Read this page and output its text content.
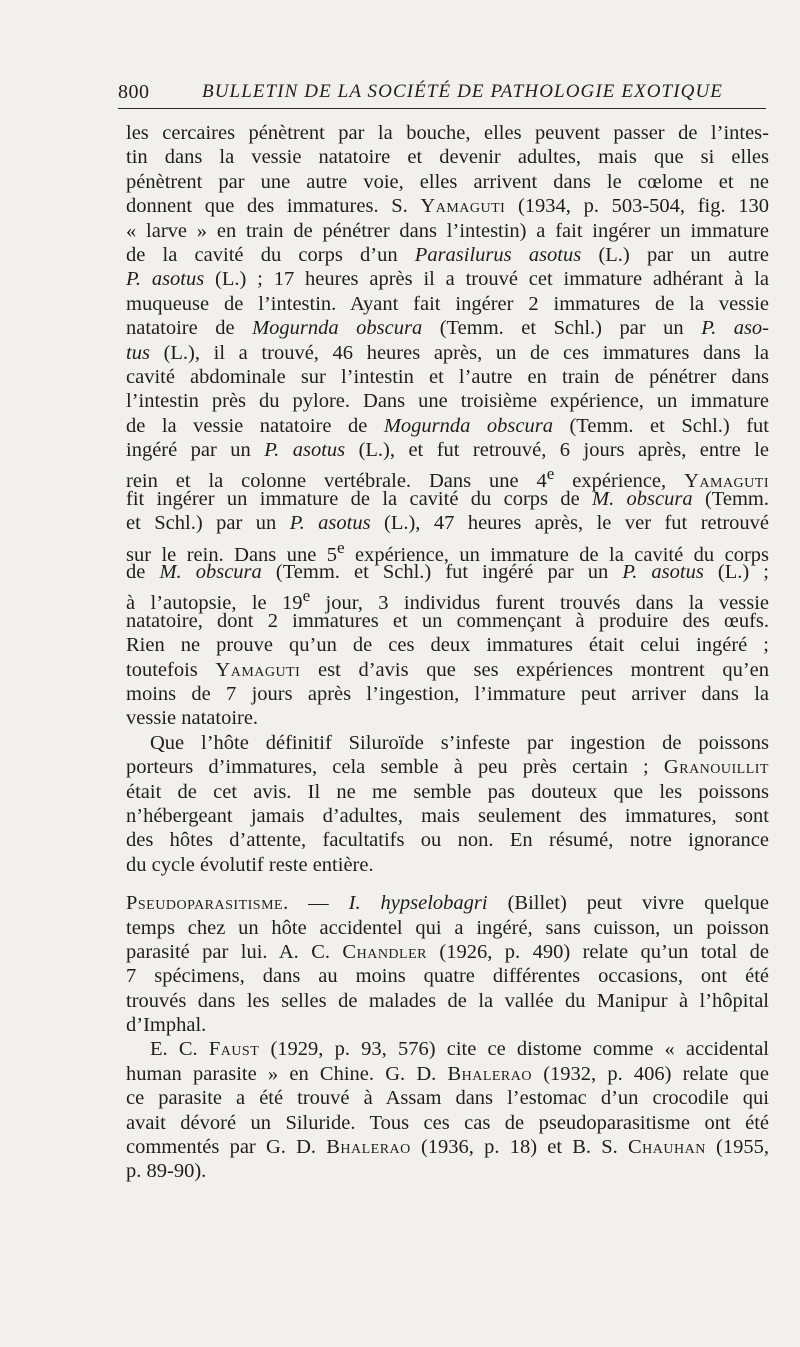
800	BULLETIN DE LA SOCIÉTÉ DE PATHOLOGIE EXOTIQUE
les cercaires pénètrent par la bouche, elles peuvent passer de l’intes-
tin dans la vessie natatoire et devenir adultes, mais que si elles
pénètrent par une autre voie, elles arrivent dans le cœlome et ne
donnent que des immatures. S. Yamaguti (1934, p. 503-504, fig. 130
« larve » en train de pénétrer dans l’intestin) a fait ingérer un immature
de la cavité du corps d’un Parasilurus asotus (L.) par un autre
P. asotus (L.) ; 17 heures après il a trouvé cet immature adhérant à la
muqueuse de l’intestin. Ayant fait ingérer 2 immatures de la vessie
natatoire de Mogurnda obscura (Temm. et Schl.) par un P. aso-
tus (L.), il a trouvé, 46 heures après, un de ces immatures dans la
cavité abdominale sur l’intestin et l’autre en train de pénétrer dans
l’intestin près du pylore. Dans une troisième expérience, un immature
de la vessie natatoire de Mogurnda obscura (Temm. et Schl.) fut
ingéré par un P. asotus (L.), et fut retrouvé, 6 jours après, entre le
rein et la colonne vertébrale. Dans une 4e expérience, Yamaguti
fit ingérer un immature de la cavité du corps de M. obscura (Temm.
et Schl.) par un P. asotus (L.), 47 heures après, le ver fut retrouvé
sur le rein. Dans une 5e expérience, un immature de la cavité du corps
de M. obscura (Temm. et Schl.) fut ingéré par un P. asotus (L.) ;
à l’autopsie, le 19e jour, 3 individus furent trouvés dans la vessie
natatoire, dont 2 immatures et un commençant à produire des œufs.
Rien ne prouve qu’un de ces deux immatures était celui ingéré ;
toutefois Yamaguti est d’avis que ses expériences montrent qu’en
moins de 7 jours après l’ingestion, l’immature peut arriver dans la
vessie natatoire.
Que l’hôte définitif Siluroïde s’infeste par ingestion de poissons
porteurs d’immatures, cela semble à peu près certain ; Granouillit
était de cet avis. Il ne me semble pas douteux que les poissons
n’hébergeant jamais d’adultes, mais seulement des immatures, sont
des hôtes d’attente, facultatifs ou non. En résumé, notre ignorance
du cycle évolutif reste entière.
Pseudoparasitisme. — I. hypselobagri (Billet) peut vivre quelque
temps chez un hôte accidentel qui a ingéré, sans cuisson, un poisson
parasité par lui. A. C. Chandler (1926, p. 490) relate qu’un total de
7 spécimens, dans au moins quatre différentes occasions, ont été
trouvés dans les selles de malades de la vallée du Manipur à l’hôpital
d’Imphal.
E. C. Faust (1929, p. 93, 576) cite ce distome comme « accidental
human parasite » en Chine. G. D. Bhalerao (1932, p. 406) relate que
ce parasite a été trouvé à Assam dans l’estomac d’un crocodile qui
avait dévoré un Siluride. Tous ces cas de pseudoparasitisme ont été
commentés par G. D. Bhalerao (1936, p. 18) et B. S. Chauhan (1955,
p. 89-90).
